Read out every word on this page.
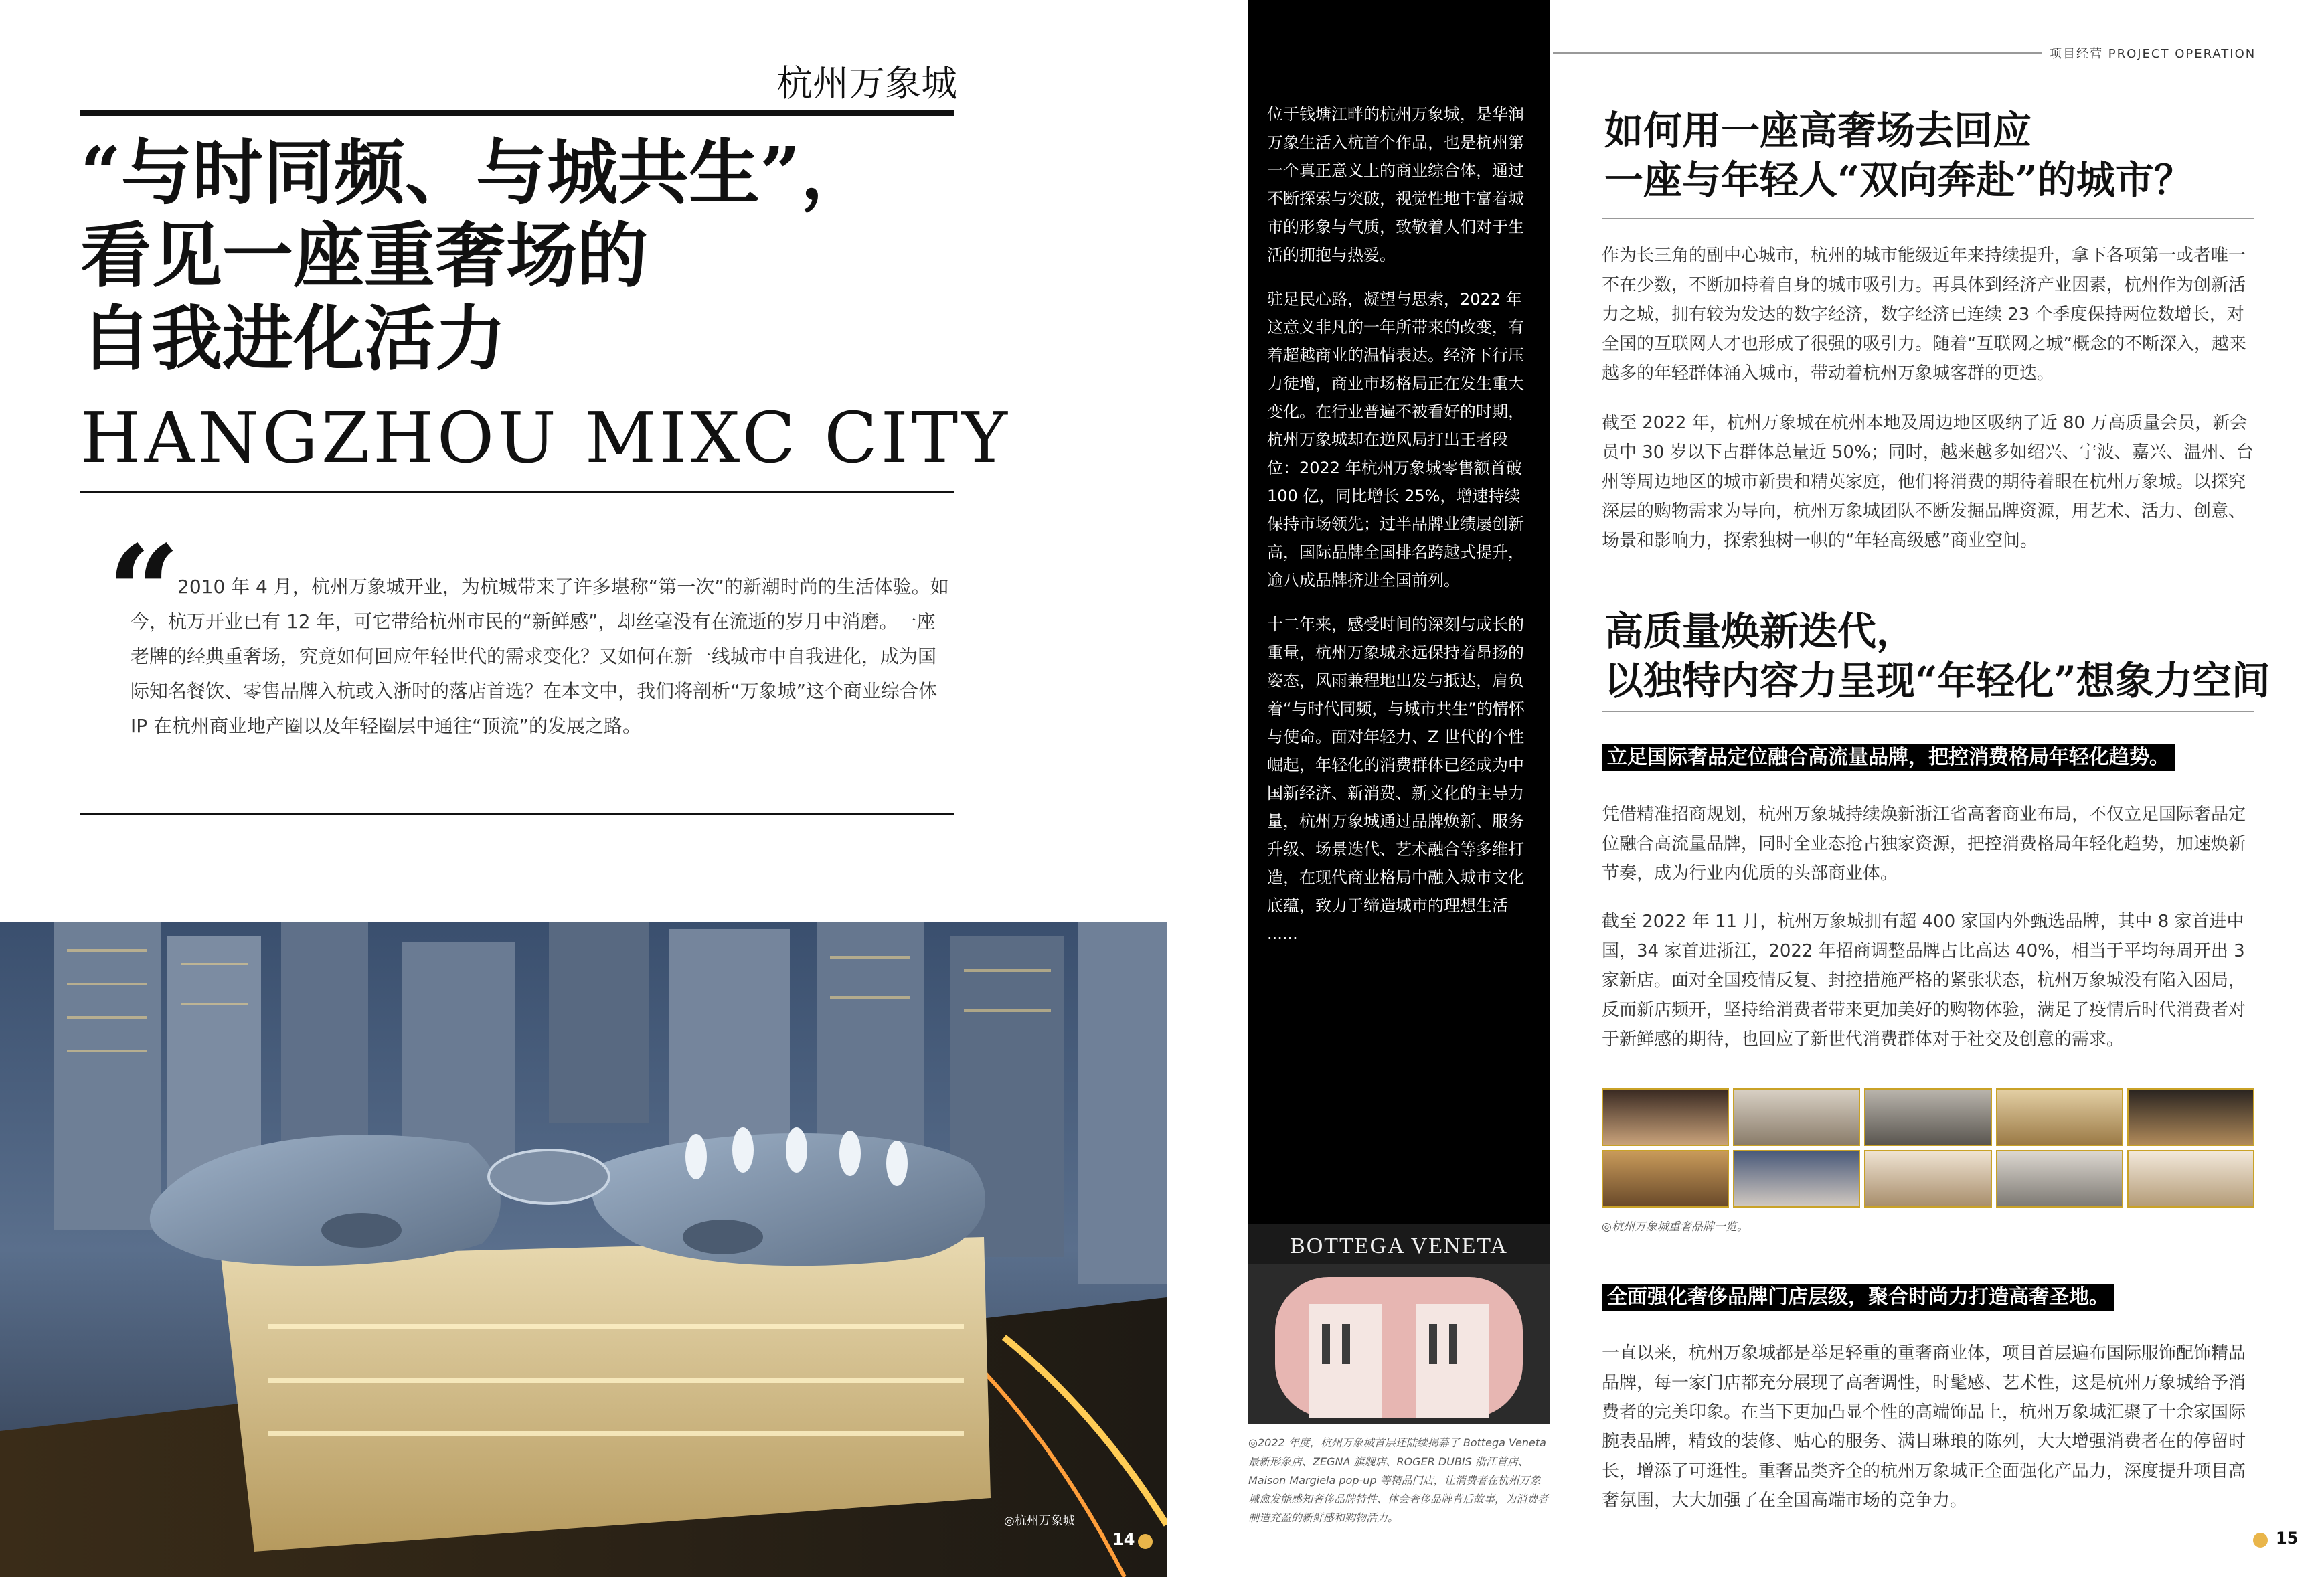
杭州万象城
“与时同频、与城共生”，
看见一座重奢场的
自我进化活力
HANGZHOU MIXC CITY
“
2010 年 4 月，杭州万象城开业，为杭城带来了许多堪称“第一次”的新潮时尚的生活体验。如今，杭万开业已有 12 年，可它带给杭州市民的“新鲜感”，却丝毫没有在流逝的岁月中消磨。一座老牌的经典重奢场，究竟如何回应年轻世代的需求变化？又如何在新一线城市中自我进化，成为国际知名餐饮、零售品牌入杭或入浙时的落店首选？在本文中，我们将剖析“万象城”这个商业综合体 IP 在杭州商业地产圈以及年轻圈层中通往“顶流”的发展之路。
◎杭州万象城
14

位于钱塘江畔的杭州万象城，是华润万象生活入杭首个作品，也是杭州第一个真正意义上的商业综合体，通过不断探索与突破，视觉性地丰富着城市的形象与气质，致敬着人们对于生活的拥抱与热爱。

驻足民心路，凝望与思索，2022 年这意义非凡的一年所带来的改变，有着超越商业的温情表达。经济下行压力徒增，商业市场格局正在发生重大变化。在行业普遍不被看好的时期，杭州万象城却在逆风局打出王者段位：2022 年杭州万象城零售额首破 100 亿，同比增长 25%，增速持续保持市场领先；过半品牌业绩屡创新高，国际品牌全国排名跨越式提升，逾八成品牌挤进全国前列。

十二年来，感受时间的深刻与成长的重量，杭州万象城永远保持着昂扬的姿态，风雨兼程地出发与抵达，肩负着“与时代同频，与城市共生”的情怀与使命。面对年轻力、Z 世代的个性崛起，年轻化的消费群体已经成为中国新经济、新消费、新文化的主导力量，杭州万象城通过品牌焕新、服务升级、场景迭代、艺术融合等多维打造，在现代商业格局中融入城市文化底蕴，致力于缔造城市的理想生活 ......

BOTTEGA VENETA
◎2022 年度，杭州万象城首层还陆续揭幕了 Bottega Veneta 最新形象店、ZEGNA 旗舰店、ROGER DUBIS 浙江首店、Maison Margiela pop-up 等精品门店，让消费者在杭州万象城愈发能感知奢侈品牌特性、体会奢侈品牌背后故事，为消费者制造充盈的新鲜感和购物活力。
项目经营 PROJECT OPERATION
如何用一座高奢场去回应
一座与年轻人“双向奔赴”的城市？
作为长三角的副中心城市，杭州的城市能级近年来持续提升，拿下各项第一或者唯一不在少数，不断加持着自身的城市吸引力。再具体到经济产业因素，杭州作为创新活力之城，拥有较为发达的数字经济，数字经济已连续 23 个季度保持两位数增长，对全国的互联网人才也形成了很强的吸引力。随着“互联网之城”概念的不断深入，越来越多的年轻群体涌入城市，带动着杭州万象城客群的更迭。
截至 2022 年，杭州万象城在杭州本地及周边地区吸纳了近 80 万高质量会员，新会员中 30 岁以下占群体总量近 50%；同时，越来越多如绍兴、宁波、嘉兴、温州、台州等周边地区的城市新贵和精英家庭，他们将消费的期待着眼在杭州万象城。以探究深层的购物需求为导向，杭州万象城团队不断发掘品牌资源，用艺术、活力、创意、场景和影响力，探索独树一帜的“年轻高级感”商业空间。
高质量焕新迭代，
以独特内容力呈现“年轻化”想象力空间
立足国际奢品定位融合高流量品牌，把控消费格局年轻化趋势。
凭借精准招商规划，杭州万象城持续焕新浙江省高奢商业布局，不仅立足国际奢品定位融合高流量品牌，同时全业态抢占独家资源，把控消费格局年轻化趋势，加速焕新节奏，成为行业内优质的头部商业体。
截至 2022 年 11 月，杭州万象城拥有超 400 家国内外甄选品牌，其中 8 家首进中国，34 家首进浙江，2022 年招商调整品牌占比高达 40%，相当于平均每周开出 3 家新店。面对全国疫情反复、封控措施严格的紧张状态，杭州万象城没有陷入困局，反而新店频开，坚持给消费者带来更加美好的购物体验，满足了疫情后时代消费者对于新鲜感的期待，也回应了新世代消费群体对于社交及创意的需求。
◎杭州万象城重奢品牌一览。
全面强化奢侈品牌门店层级，聚合时尚力打造高奢圣地。
一直以来，杭州万象城都是举足轻重的重奢商业体，项目首层遍布国际服饰配饰精品品牌，每一家门店都充分展现了高奢调性，时髦感、艺术性，这是杭州万象城给予消费者的完美印象。在当下更加凸显个性的高端饰品上，杭州万象城汇聚了十余家国际腕表品牌，精致的装修、贴心的服务、满目琳琅的陈列，大大增强消费者在的停留时长，增添了可逛性。重奢品类齐全的杭州万象城正全面强化产品力，深度提升项目高奢氛围，大大加强了在全国高端市场的竞争力。
15
